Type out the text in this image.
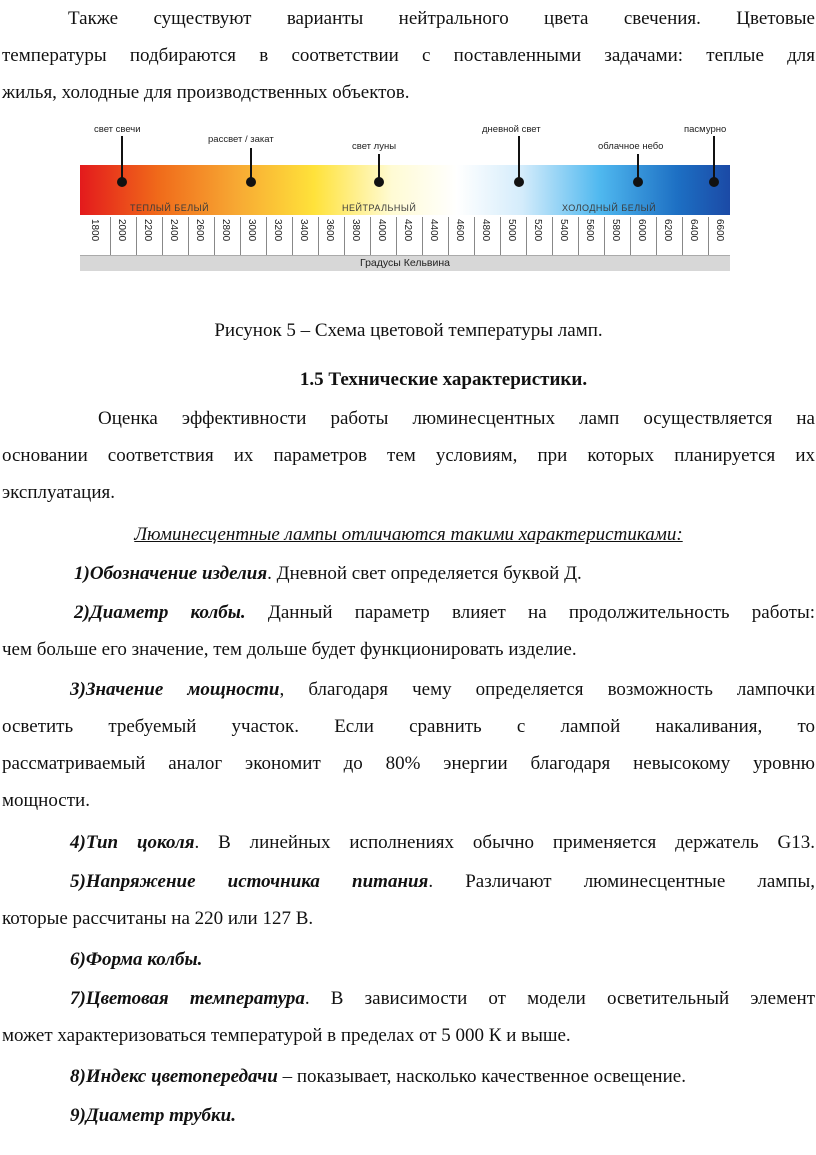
Также существуют варианты нейтрального цвета свечения. Цветовые

температуры подбираются в соответствии с поставленными задачами: теплые для

жилья, холодные для производственных объектов.

свет свечи
рассвет / закат
свет луны
дневной свет
облачное небо
пасмурно
ТЕПЛЫЙ БЕЛЫЙ	НЕЙТРАЛЬНЫЙ	ХОЛОДНЫЙ БЕЛЫЙ
1800 2000 2200 2400 2600 2800 3000 3200 3400 3600 3800 4000 4200 4400 4600 4800 5000 5200 5400 5600 5800 6000 6200 6400 6600
Градусы Кельвина

Рисунок 5 – Схема цветовой температуры ламп.

1.5 Технические характеристики.

Оценка эффективности работы люминесцентных ламп осуществляется на

основании соответствия их параметров тем условиям, при которых планируется их

эксплуатация.

Люминесцентные лампы отличаются такими характеристиками:

1)Обозначение изделия. Дневной свет определяется буквой Д.

2)Диаметр колбы. Данный параметр влияет на продолжительность работы:

чем больше его значение, тем дольше будет функционировать изделие.

3)Значение мощности, благодаря чему определяется возможность лампочки

осветить требуемый участок. Если сравнить с лампой накаливания, то

рассматриваемый аналог экономит до 80% энергии благодаря невысокому уровню

мощности.

4)Тип цоколя. В линейных исполнениях обычно применяется держатель G13.

5)Напряжение источника питания. Различают люминесцентные лампы,

которые рассчитаны на 220 или 127 В.

6)Форма колбы.

7)Цветовая температура. В зависимости от модели осветительный элемент

может характеризоваться температурой в пределах от 5 000 К и выше.

8)Индекс цветопередачи – показывает, насколько качественное освещение.

9)Диаметр трубки.
